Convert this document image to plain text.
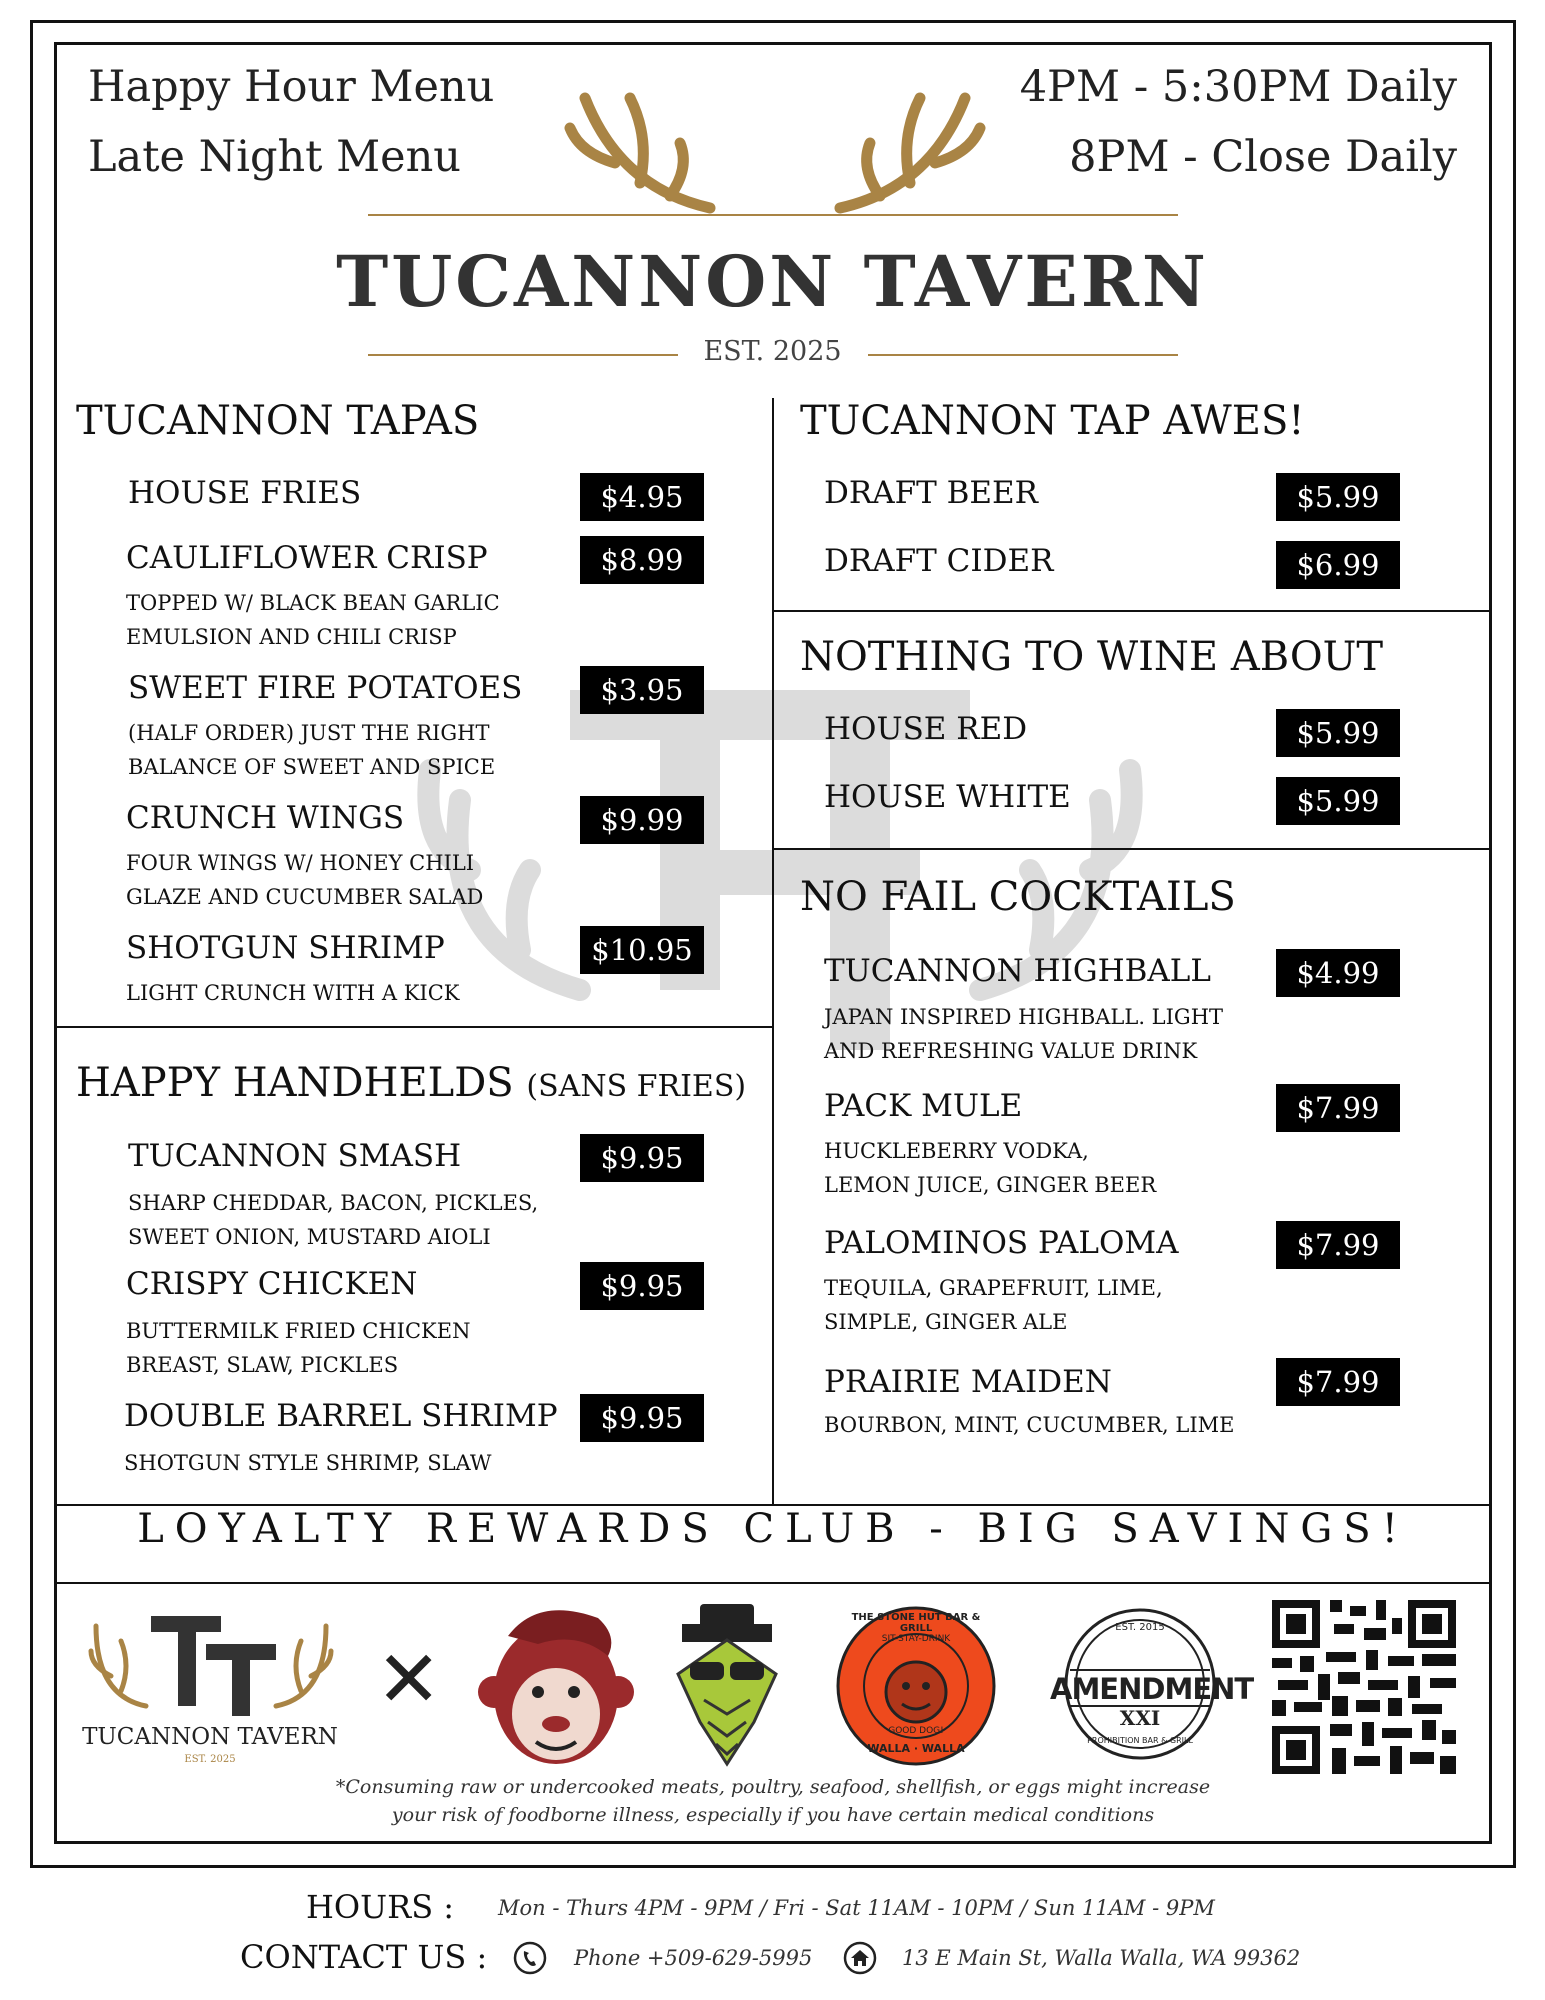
Happy Hour Menu
Late Night Menu
4PM - 5:30PM Daily
8PM - Close Daily
TUCANNON TAVERN
EST. 2025
TUCANNON TAPAS
HOUSE FRIES	$4.95
CAULIFLOWER CRISP	$8.99
TOPPED W/ BLACK BEAN GARLIC
EMULSION AND CHILI CRISP
SWEET FIRE POTATOES	$3.95
(HALF ORDER) JUST THE RIGHT
BALANCE OF SWEET AND SPICE
CRUNCH WINGS	$9.99
FOUR WINGS W/ HONEY CHILI
GLAZE AND CUCUMBER SALAD
SHOTGUN SHRIMP	$10.95
LIGHT CRUNCH WITH A KICK
HAPPY HANDHELDS (SANS FRIES)
TUCANNON SMASH	$9.95
SHARP CHEDDAR, BACON, PICKLES,
SWEET ONION, MUSTARD AIOLI
CRISPY CHICKEN	$9.95
BUTTERMILK FRIED CHICKEN
BREAST, SLAW, PICKLES
DOUBLE BARREL SHRIMP	$9.95
SHOTGUN STYLE SHRIMP, SLAW
TUCANNON TAP AWES!
DRAFT BEER	$5.99
DRAFT CIDER	$6.99
NOTHING TO WINE ABOUT
HOUSE RED	$5.99
HOUSE WHITE	$5.99
NO FAIL COCKTAILS
TUCANNON HIGHBALL	$4.99
JAPAN INSPIRED HIGHBALL. LIGHT
AND REFRESHING VALUE DRINK
PACK MULE	$7.99
HUCKLEBERRY VODKA,
LEMON JUICE, GINGER BEER
PALOMINOS PALOMA	$7.99
TEQUILA, GRAPEFRUIT, LIME,
SIMPLE, GINGER ALE
PRAIRIE MAIDEN	$7.99
BOURBON, MINT, CUCUMBER, LIME
LOYALTY REWARDS CLUB - BIG SAVINGS!
TUCANNON TAVERN
EST. 2025
✕
THE STONE HUT BAR & GRILL
SIT-STAY-DRINK
GOOD DOG!
WALLA · WALLA
EST. 2015
AMENDMENT
XXI
PROHIBITION BAR & GRILL
*Consuming raw or undercooked meats, poultry, seafood, shellfish, or eggs might increase
your risk of foodborne illness, especially if you have certain medical conditions
HOURS : Mon - Thurs 4PM - 9PM / Fri - Sat 11AM - 10PM / Sun 11AM - 9PM
CONTACT US :	Phone +509-629-5995	13 E Main St, Walla Walla, WA 99362
